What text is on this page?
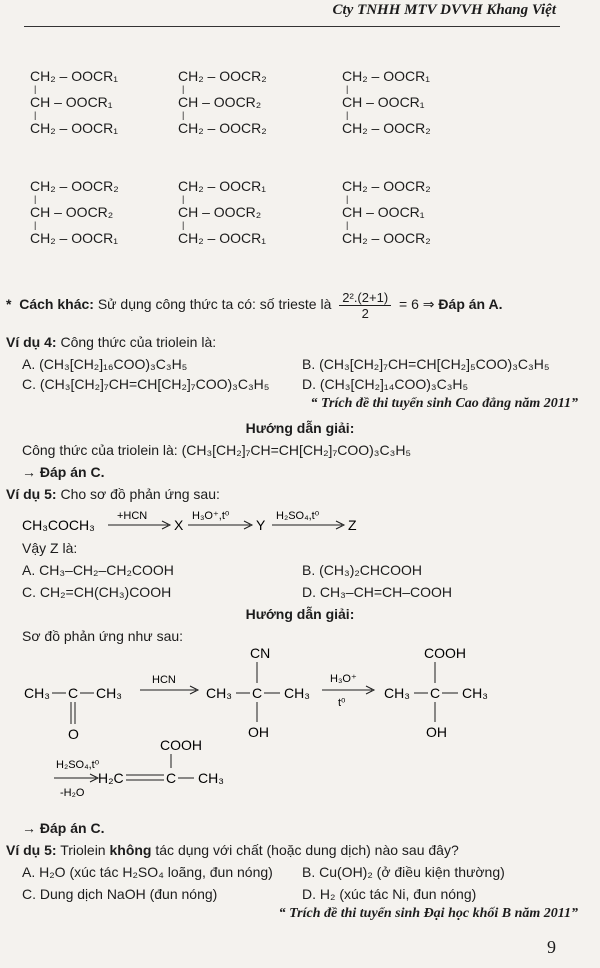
Cty TNHH MTV DVVH Khang Việt
CH₂ – OOCR₁
|
CH – OOCR₁
|
CH₂ – OOCR₁
CH₂ – OOCR₂
|
CH – OOCR₂
|
CH₂ – OOCR₂
CH₂ – OOCR₁
|
CH – OOCR₁
|
CH₂ – OOCR₂
CH₂ – OOCR₂
|
CH – OOCR₂
|
CH₂ – OOCR₁
CH₂ – OOCR₁
|
CH – OOCR₂
|
CH₂ – OOCR₁
CH₂ – OOCR₂
|
CH – OOCR₁
|
CH₂ – OOCR₂
*  Cách khác: Sử dụng công thức ta có: số trieste là $\frac{\text{2².(2+1)}}{2} = 6$ ⇒ Đáp án A.
Ví dụ 4: Công thức của triolein là:
A. (CH₃[CH₂]₁₆COO)₃C₃H₅	B. (CH₃[CH₂]₇CH=CH[CH₂]₅COO)₃C₃H₅
C. (CH₃[CH₂]₇CH=CH[CH₂]₇COO)₃C₃H₅ D. (CH₃[CH₂]₁₄COO)₃C₃H₅
“ Trích đề thi tuyển sinh Cao đẳng năm 2011”
Hướng dẫn giải:
Công thức của triolein là: (CH₃[CH₂]₇CH=CH[CH₂]₇COO)₃C₃H₅
→ Đáp án C.
Ví dụ 5: Cho sơ đồ phản ứng sau:
CH₃COCH₃
+HCN
X
H₃O⁺,t⁰
Y
H₂SO₄,t⁰
Z
Vậy Z là:
A. CH₃–CH₂–CH₂COOH	B. (CH₃)₂CHCOOH
C. CH₂=CH(CH₃)COOH	D. CH₃–CH=CH–COOH
Hướng dẫn giải:
Sơ đồ phản ứng như sau:
CH₃ C CH₃
O
HCN
CH₃ C CH₃
CN
OH
H₃O⁺
t⁰
CH₃ C CH₃
COOH
OH
H₂SO₄,t⁰
-H₂O
H₂C	C CH₃
COOH
→ Đáp án C.
Ví dụ 5: Triolein không tác dụng với chất (hoặc dung dịch) nào sau đây?
A. H₂O (xúc tác H₂SO₄ loãng, đun nóng) B. Cu(OH)₂ (ở điều kiện thường)
C. Dung dịch NaOH (đun nóng)	D. H₂ (xúc tác Ni, đun nóng)
“ Trích đề thi tuyển sinh Đại học khối B năm 2011”
9
